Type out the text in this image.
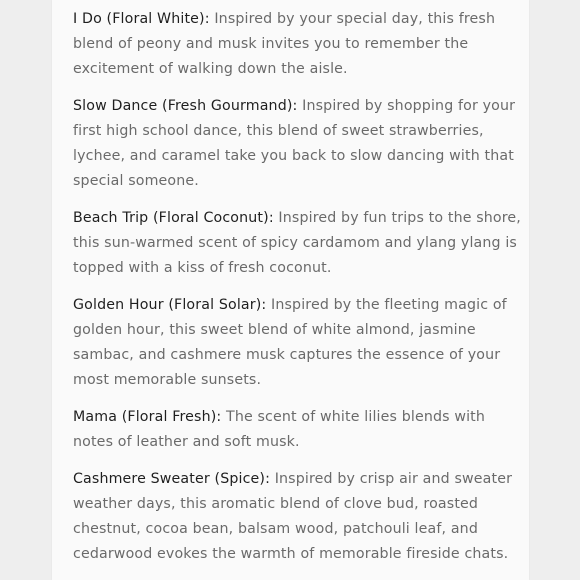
I Do (Floral White): Inspired by your special day, this fresh blend of peony and musk invites you to remember the excitement of walking down the aisle.

Slow Dance (Fresh Gourmand): Inspired by shopping for your first high school dance, this blend of sweet strawberries, lychee, and caramel take you back to slow dancing with that special someone.

Beach Trip (Floral Coconut): Inspired by fun trips to the shore, this sun-warmed scent of spicy cardamom and ylang ylang is topped with a kiss of fresh coconut.

Golden Hour (Floral Solar): Inspired by the fleeting magic of golden hour, this sweet blend of white almond, jasmine sambac, and cashmere musk captures the essence of your most memorable sunsets.

Mama (Floral Fresh): The scent of white lilies blends with notes of leather and soft musk.

Cashmere Sweater (Spice): Inspired by crisp air and sweater weather days, this aromatic blend of clove bud, roasted chestnut, cocoa bean, balsam wood, patchouli leaf, and cedarwood evokes the warmth of memorable fireside chats.
